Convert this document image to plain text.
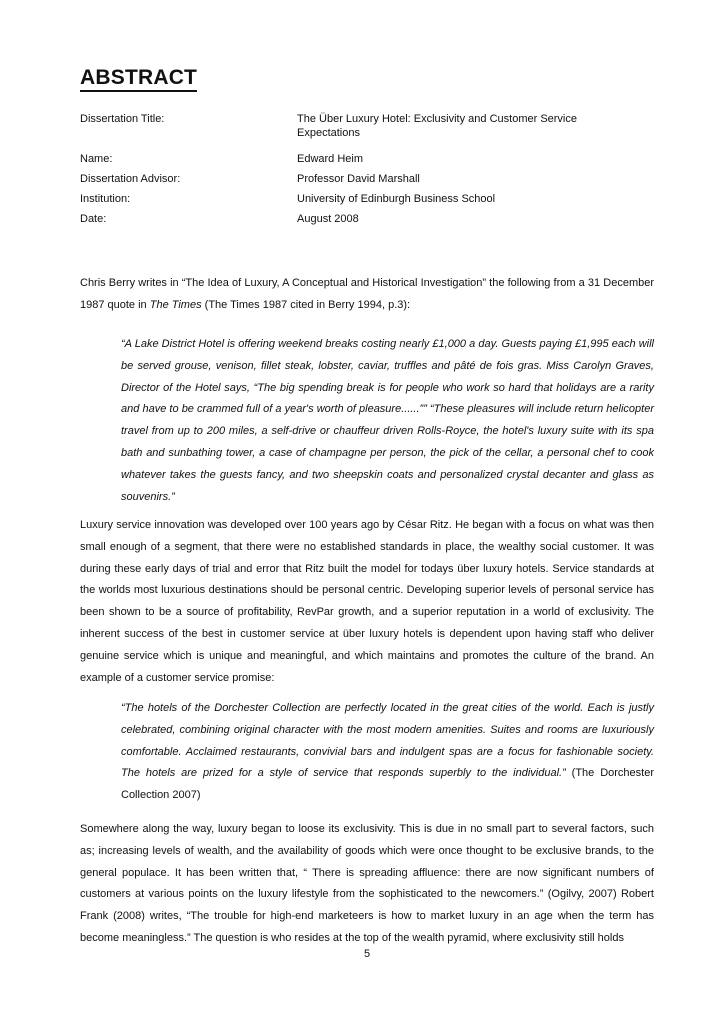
ABSTRACT
Dissertation Title:	The Über Luxury Hotel: Exclusivity and Customer Service Expectations
Name:	Edward Heim
Dissertation Advisor:	Professor David Marshall
Institution:	University of Edinburgh Business School
Date:	August 2008

Chris Berry writes in “The Idea of Luxury, A Conceptual and Historical Investigation” the following from a 31 December 1987 quote in The Times (The Times 1987 cited in Berry 1994, p.3):

“A Lake District Hotel is offering weekend breaks costing nearly £1,000 a day. Guests paying £1,995 each will be served grouse, venison, fillet steak, lobster, caviar, truffles and pâté de fois gras. Miss Carolyn Graves, Director of the Hotel says, “The big spending break is for people who work so hard that holidays are a rarity and have to be crammed full of a year's worth of pleasure......”” “These pleasures will include return helicopter travel from up to 200 miles, a self-drive or chauffeur driven Rolls-Royce, the hotel's luxury suite with its spa bath and sunbathing tower, a case of champagne per person, the pick of the cellar, a personal chef to cook whatever takes the guests fancy, and two sheepskin coats and personalized crystal decanter and glass as souvenirs.”

Luxury service innovation was developed over 100 years ago by César Ritz. He began with a focus on what was then small enough of a segment, that there were no established standards in place, the wealthy social customer. It was during these early days of trial and error that Ritz built the model for todays über luxury hotels. Service standards at the worlds most luxurious destinations should be personal centric. Developing superior levels of personal service has been shown to be a source of profitability, RevPar growth, and a superior reputation in a world of exclusivity. The inherent success of the best in customer service at über luxury hotels is dependent upon having staff who deliver genuine service which is unique and meaningful, and which maintains and promotes the culture of the brand. An example of a customer service promise:

“The hotels of the Dorchester Collection are perfectly located in the great cities of the world. Each is justly celebrated, combining original character with the most modern amenities. Suites and rooms are luxuriously comfortable. Acclaimed restaurants, convivial bars and indulgent spas are a focus for fashionable society. The hotels are prized for a style of service that responds superbly to the individual.” (The Dorchester Collection 2007)

Somewhere along the way, luxury began to loose its exclusivity. This is due in no small part to several factors, such as; increasing levels of wealth, and the availability of goods which were once thought to be exclusive brands, to the general populace. It has been written that, “ There is spreading affluence: there are now significant numbers of customers at various points on the luxury lifestyle from the sophisticated to the newcomers.” (Ogilvy, 2007) Robert Frank (2008) writes, “The trouble for high-end marketeers is how to market luxury in an age when the term has become meaningless.” The question is who resides at the top of the wealth pyramid, where exclusivity still holds

5
